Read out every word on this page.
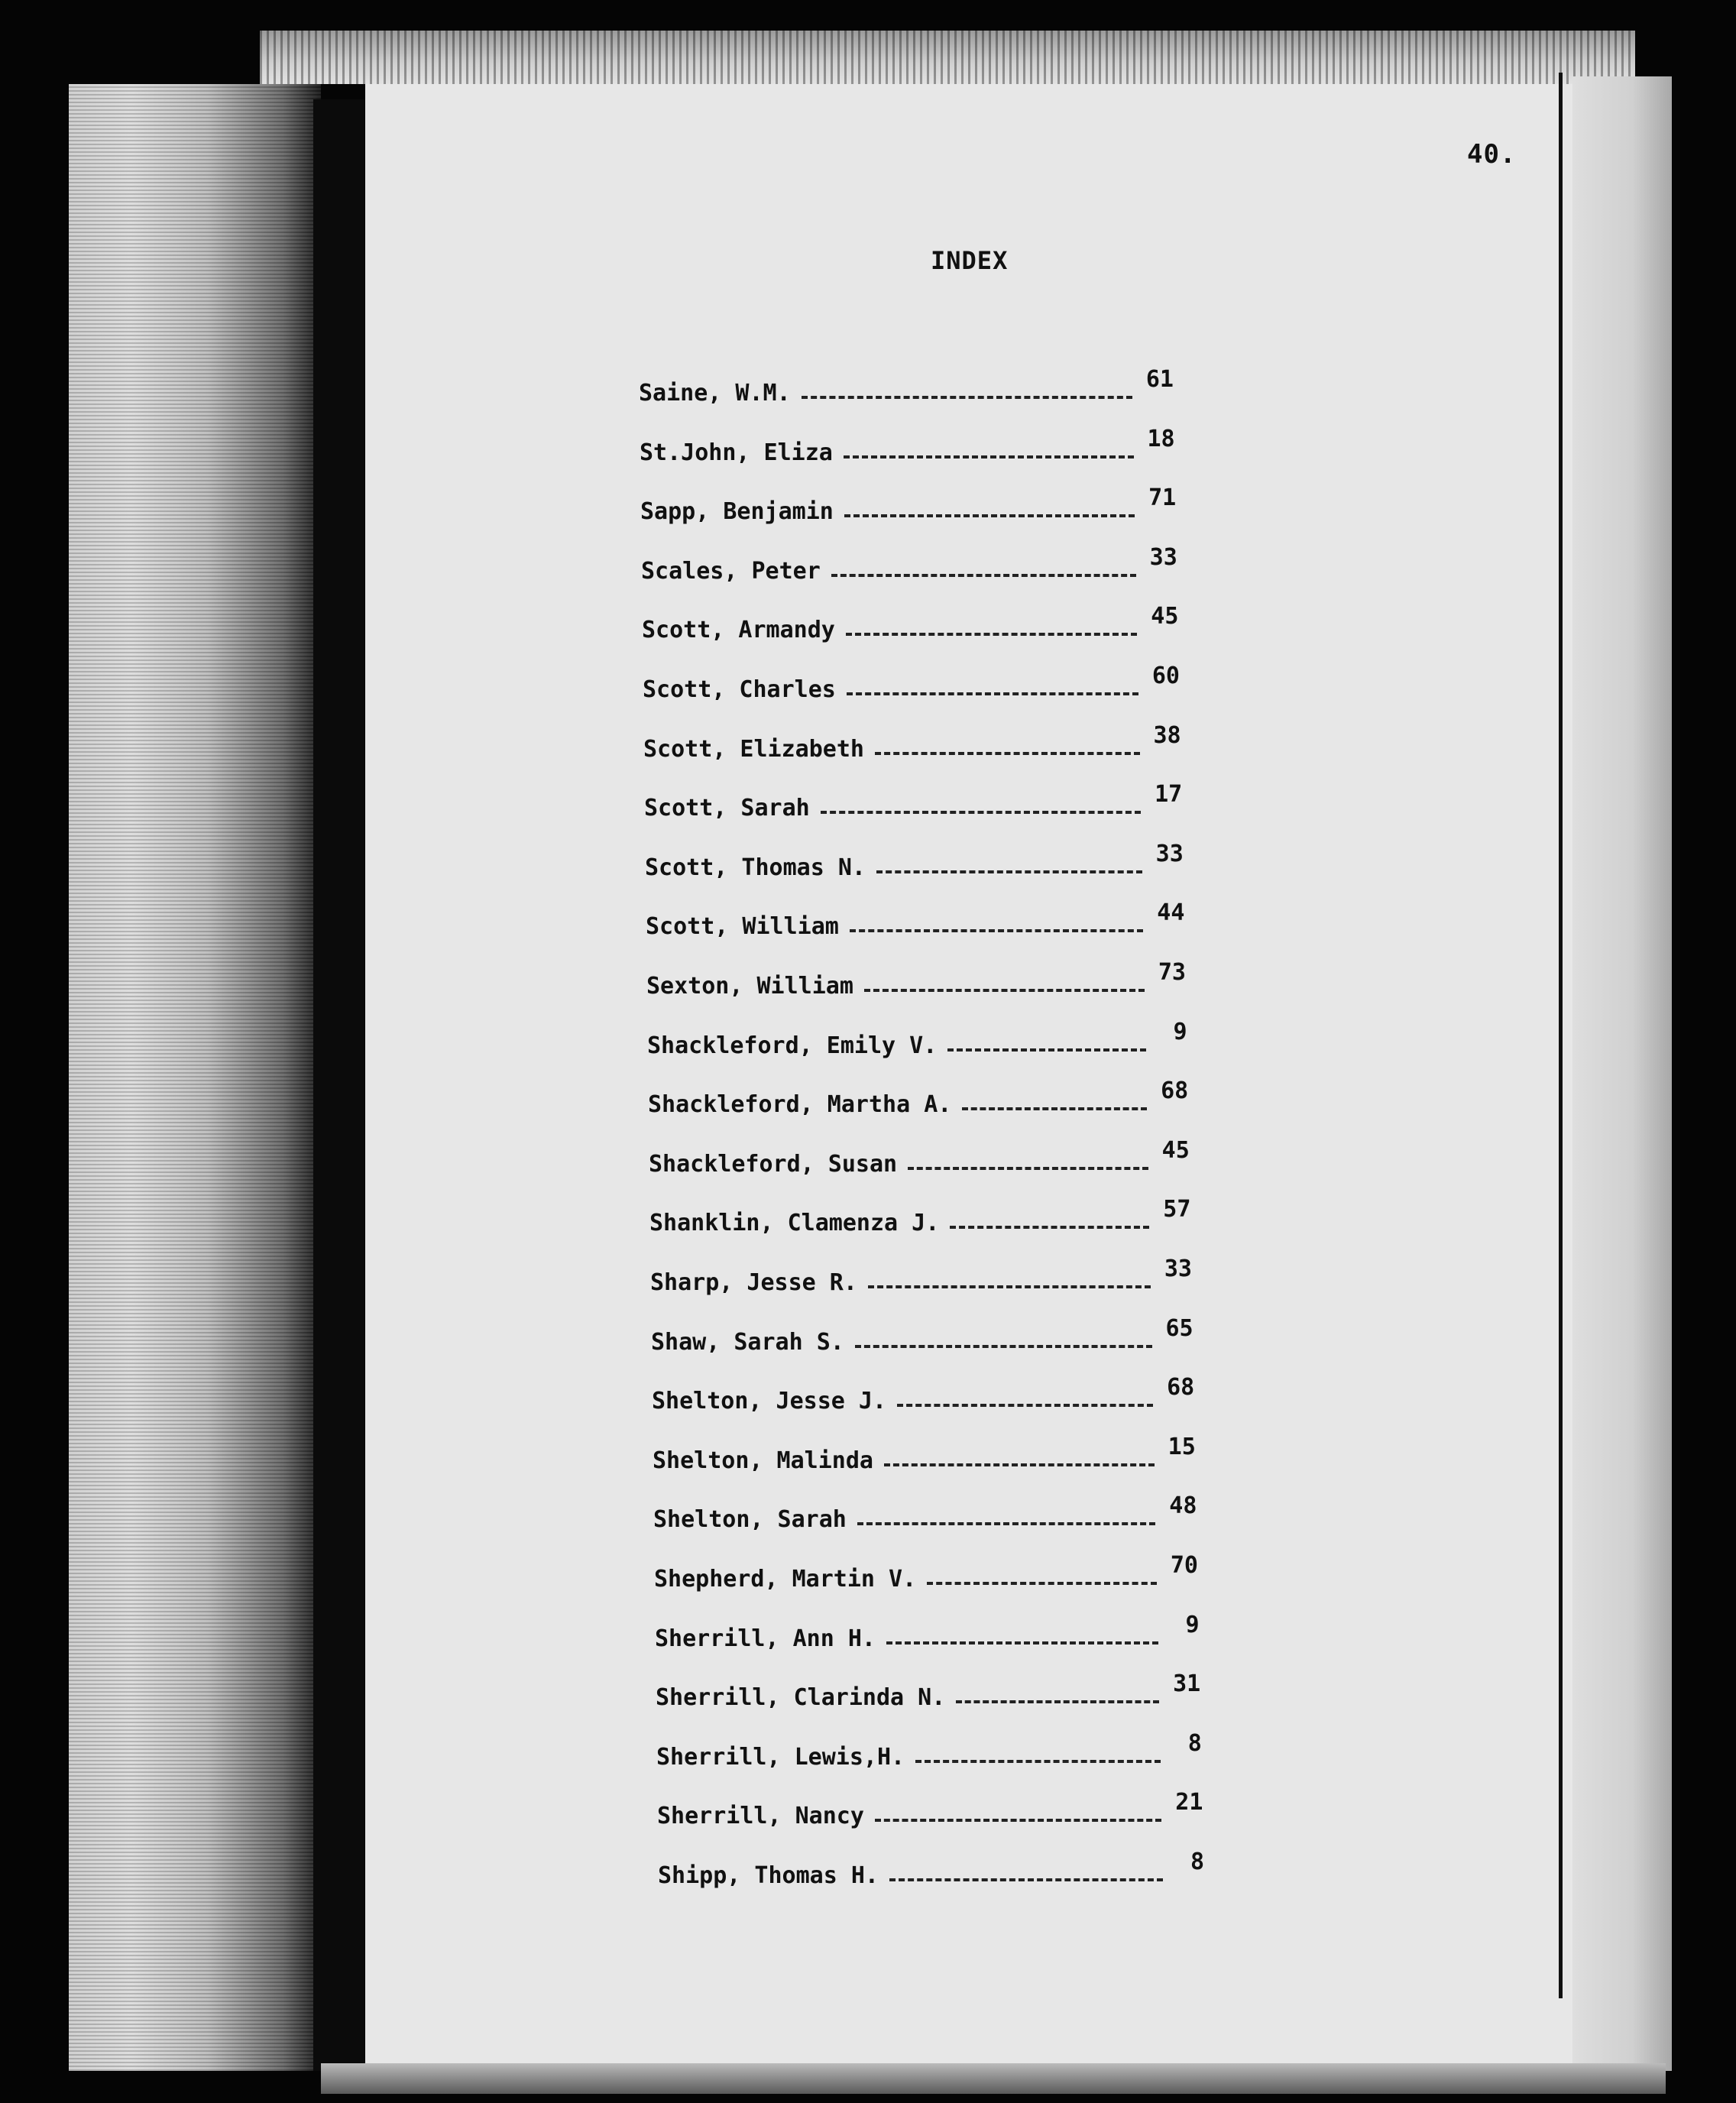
40.
INDEX
Saine, W.M.
61
St.John, Eliza
18
Sapp, Benjamin
71
Scales, Peter
33
Scott, Armandy
45
Scott, Charles
60
Scott, Elizabeth
38
Scott, Sarah
17
Scott, Thomas N.
33
Scott, William
44
Sexton, William
73
Shackleford, Emily V.
9
Shackleford, Martha A.
68
Shackleford, Susan
45
Shanklin, Clamenza J.
57
Sharp, Jesse R.
33
Shaw, Sarah S.
65
Shelton, Jesse J.
68
Shelton, Malinda
15
Shelton, Sarah
48
Shepherd, Martin V.
70
Sherrill, Ann H.
9
Sherrill, Clarinda N.
31
Sherrill, Lewis,H.
8
Sherrill, Nancy
21
Shipp, Thomas H.
8
